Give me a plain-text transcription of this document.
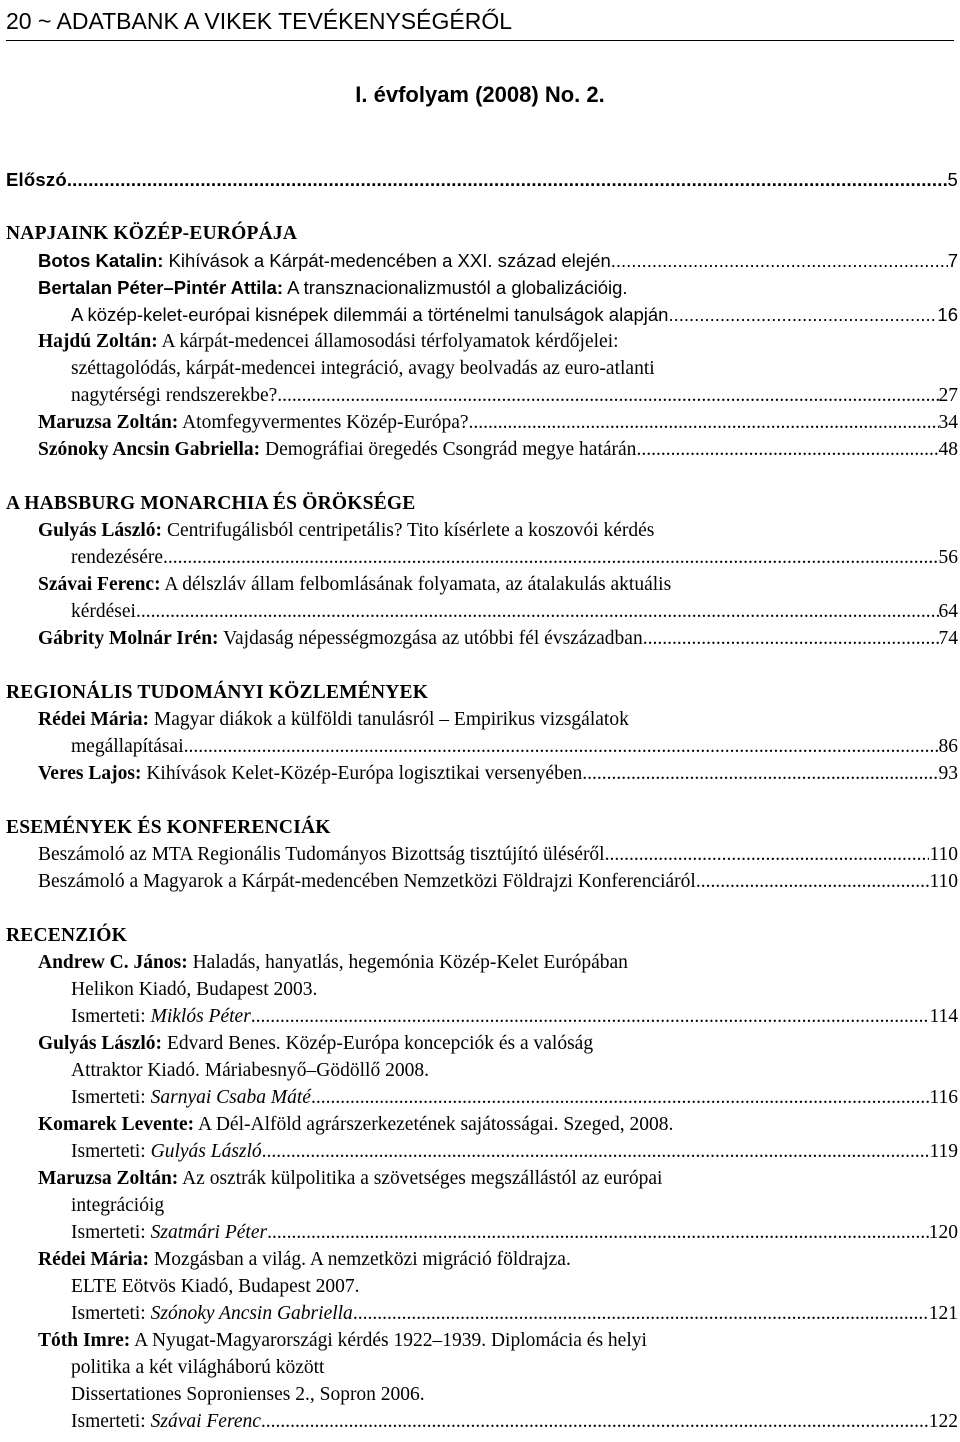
20 ~ ADATBANK A VIKEK TEVÉKENYSÉGÉRŐL
I. évfolyam (2008) No. 2.
Előszó .....	5
NAPJAINK KÖZÉP-EURÓPÁJA
Botos Katalin: Kihívások a Kárpát-medencében a XXI. század elején .....	7
Bertalan Péter–Pintér Attila: A transznacionalizmustól a globalizációig.
A közép-kelet-európai kisnépek dilemmái a történelmi tanulságok alapján .....	16
Hajdú Zoltán: A kárpát-medencei államosodási térfolyamatok kérdőjelei:
széttagolódás, kárpát-medencei integráció, avagy beolvadás az euro-atlanti
nagytérségi rendszerekbe? .....	27
Maruzsa Zoltán: Atomfegyvermentes Közép-Európa? .....	34
Szónoky Ancsin Gabriella: Demográfiai öregedés Csongrád megye határán .....	48
A HABSBURG MONARCHIA ÉS ÖRÖKSÉGE
Gulyás László: Centrifugálisból centripetális? Tito kísérlete a koszovói kérdés
rendezésére .....	56
Szávai Ferenc: A délszláv állam felbomlásának folyamata, az átalakulás aktuális
kérdései .....	64
Gábrity Molnár Irén: Vajdaság népességmozgása az utóbbi fél évszázadban .....	74
REGIONÁLIS TUDOMÁNYI KÖZLEMÉNYEK
Rédei Mária: Magyar diákok a külföldi tanulásról – Empirikus vizsgálatok
megállapításai .....	86
Veres Lajos: Kihívások Kelet-Közép-Európa logisztikai versenyében .....	93
ESEMÉNYEK ÉS KONFERENCIÁK
Beszámoló az MTA Regionális Tudományos Bizottság tisztújító üléséről .....	110
Beszámoló a Magyarok a Kárpát-medencében Nemzetközi Földrajzi Konferenciáról .....	110
RECENZIÓK
Andrew C. János: Haladás, hanyatlás, hegemónia Közép-Kelet Európában
Helikon Kiadó, Budapest 2003.
Ismerteti: Miklós Péter .....	114
Gulyás László: Edvard Benes. Közép-Európa koncepciók és a valóság
Attraktor Kiadó. Máriabesnyő–Gödöllő 2008.
Ismerteti: Sarnyai Csaba Máté .....	116
Komarek Levente: A Dél-Alföld agrárszerkezetének sajátosságai. Szeged, 2008.
Ismerteti: Gulyás László .....	119
Maruzsa Zoltán: Az osztrák külpolitika a szövetséges megszállástól az európai
integrációig
Ismerteti: Szatmári Péter .....	120
Rédei Mária: Mozgásban a világ. A nemzetközi migráció földrajza.
ELTE Eötvös Kiadó, Budapest 2007.
Ismerteti: Szónoky Ancsin Gabriella .....	121
Tóth Imre: A Nyugat-Magyarországi kérdés 1922–1939. Diplomácia és helyi
politika a két világháború között
Dissertationes Sopronienses 2., Sopron 2006.
Ismerteti: Szávai Ferenc .....	122
